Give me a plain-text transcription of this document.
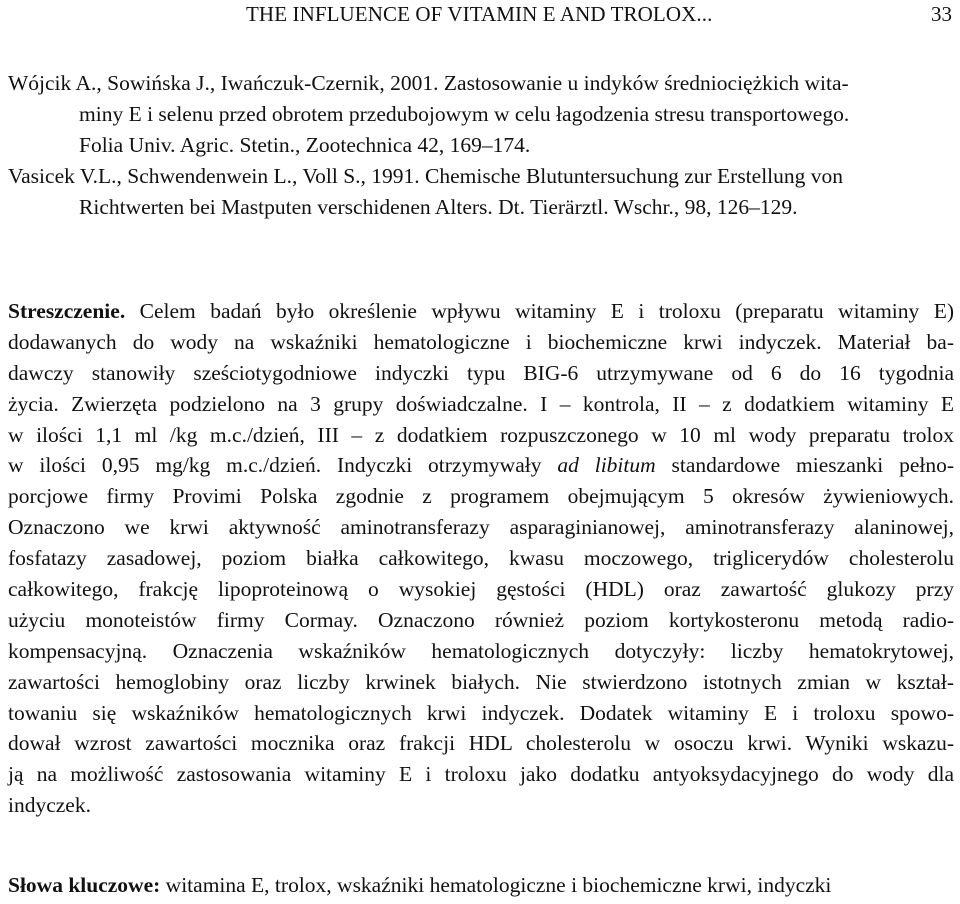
THE INFLUENCE OF VITAMIN E AND TROLOX...	33
Wójcik A., Sowińska J., Iwańczuk-Czernik, 2001. Zastosowanie u indyków średniociężkich wita-
miny E i selenu przed obrotem przedubojowym w celu łagodzenia stresu transportowego.
Folia Univ. Agric. Stetin., Zootechnica 42, 169–174.
Vasicek V.L., Schwendenwein L., Voll S., 1991. Chemische Blutuntersuchung zur Erstellung von
Richtwerten bei Mastputen verschidenen Alters. Dt. Tierärztl. Wschr., 98, 126–129.
Streszczenie. Celem badań było określenie wpływu witaminy E i troloxu (preparatu witaminy E)
dodawanych do wody na wskaźniki hematologiczne i biochemiczne krwi indyczek. Materiał ba-
dawczy stanowiły sześciotygodniowe indyczki typu BIG-6 utrzymywane od 6 do 16 tygodnia
życia. Zwierzęta podzielono na 3 grupy doświadczalne. I – kontrola, II – z dodatkiem witaminy E
w ilości 1,1 ml /kg m.c./dzień, III – z dodatkiem rozpuszczonego w 10 ml wody preparatu trolox
w ilości 0,95 mg/kg m.c./dzień. Indyczki otrzymywały ad libitum standardowe mieszanki pełno-
porcjowe firmy Provimi Polska zgodnie z programem obejmującym 5 okresów żywieniowych.
Oznaczono we krwi aktywność aminotransferazy asparaginianowej, aminotransferazy alaninowej,
fosfatazy zasadowej, poziom białka całkowitego, kwasu moczowego, triglicerydów cholesterolu
całkowitego, frakcję lipoproteinową o wysokiej gęstości (HDL) oraz zawartość glukozy przy
użyciu monoteistów firmy Cormay. Oznaczono również poziom kortykosteronu metodą radio-
kompensacyjną. Oznaczenia wskaźników hematologicznych dotyczyły: liczby hematokrytowej,
zawartości hemoglobiny oraz liczby krwinek białych. Nie stwierdzono istotnych zmian w kształ-
towaniu się wskaźników hematologicznych krwi indyczek. Dodatek witaminy E i troloxu spowo-
dował wzrost zawartości mocznika oraz frakcji HDL cholesterolu w osoczu krwi. Wyniki wskazu-
ją na możliwość zastosowania witaminy E i troloxu jako dodatku antyoksydacyjnego do wody dla
indyczek.
Słowa kluczowe: witamina E, trolox, wskaźniki hematologiczne i biochemiczne krwi, indyczki
